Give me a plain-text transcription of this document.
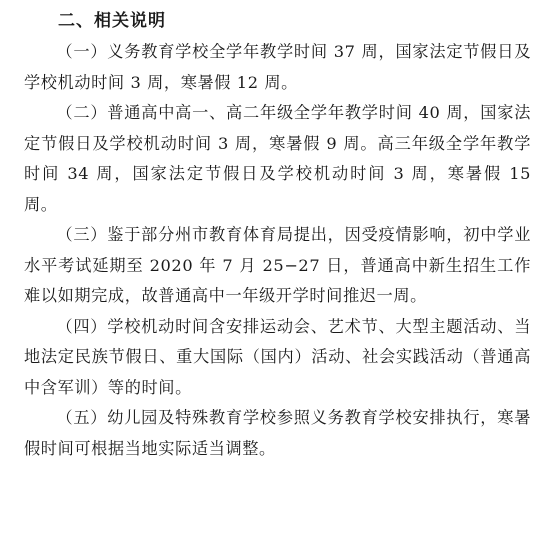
二、相关说明

（一）义务教育学校全学年教学时间 37 周，国家法定节假日及学校机动时间 3 周，寒暑假 12 周。

（二）普通高中高一、高二年级全学年教学时间 40 周，国家法定节假日及学校机动时间 3 周，寒暑假 9 周。高三年级全学年教学时间 34 周，国家法定节假日及学校机动时间 3 周，寒暑假 15 周。

（三）鉴于部分州市教育体育局提出，因受疫情影响，初中学业水平考试延期至 2020 年 7 月 25−27 日，普通高中新生招生工作难以如期完成，故普通高中一年级开学时间推迟一周。

（四）学校机动时间含安排运动会、艺术节、大型主题活动、当地法定民族节假日、重大国际（国内）活动、社会实践活动（普通高中含军训）等的时间。

（五）幼儿园及特殊教育学校参照义务教育学校安排执行，寒暑假时间可根据当地实际适当调整。
